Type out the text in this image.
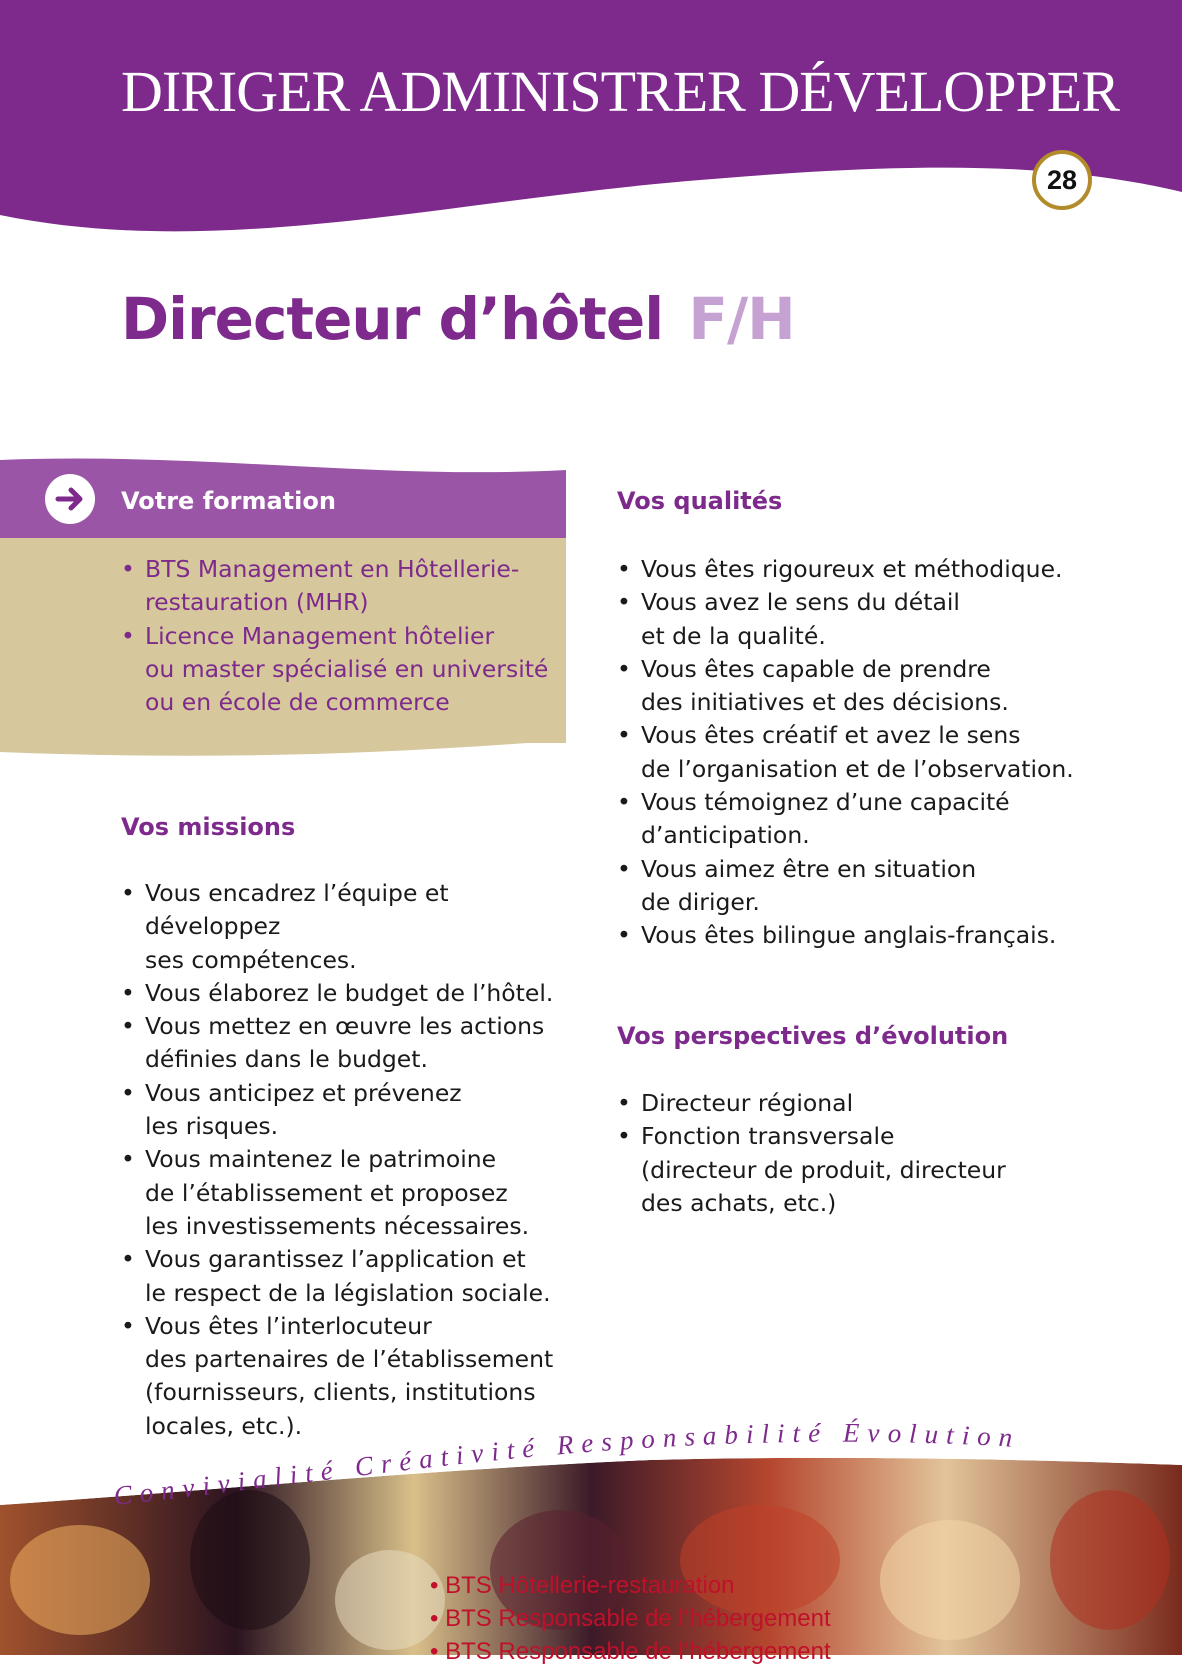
DIRIGER ADMINISTRER DÉVELOPPER
28
Directeur d’hôtel F/H
Votre formation
• BTS Management en Hôtellerie-
restauration (MHR)
• Licence Management hôtelier
ou master spécialisé en université
ou en école de commerce
Vos missions
• Vous encadrez l’équipe et développez
ses compétences.
• Vous élaborez le budget de l’hôtel.
• Vous mettez en œuvre les actions
définies dans le budget.
• Vous anticipez et prévenez
les risques.
• Vous maintenez le patrimoine
de l’établissement et proposez
les investissements nécessaires.
• Vous garantissez l’application et
le respect de la législation sociale.
• Vous êtes l’interlocuteur
des partenaires de l’établissement
(fournisseurs, clients, institutions
locales, etc.).
Vos qualités
• Vous êtes rigoureux et méthodique.
• Vous avez le sens du détail
et de la qualité.
• Vous êtes capable de prendre
des initiatives et des décisions.
• Vous êtes créatif et avez le sens
de l’organisation et de l’observation.
• Vous témoignez d’une capacité
d’anticipation.
• Vous aimez être en situation
de diriger.
• Vous êtes bilingue anglais-français.
Vos perspectives d’évolution
• Directeur régional
• Fonction transversale
(directeur de produit, directeur
des achats, etc.)
Convivialité Créativité Responsabilité Évolution
• BTS Hôtellerie-restauration
• BTS Responsable de l’hébergement
• BTS Responsable de l’hébergement
